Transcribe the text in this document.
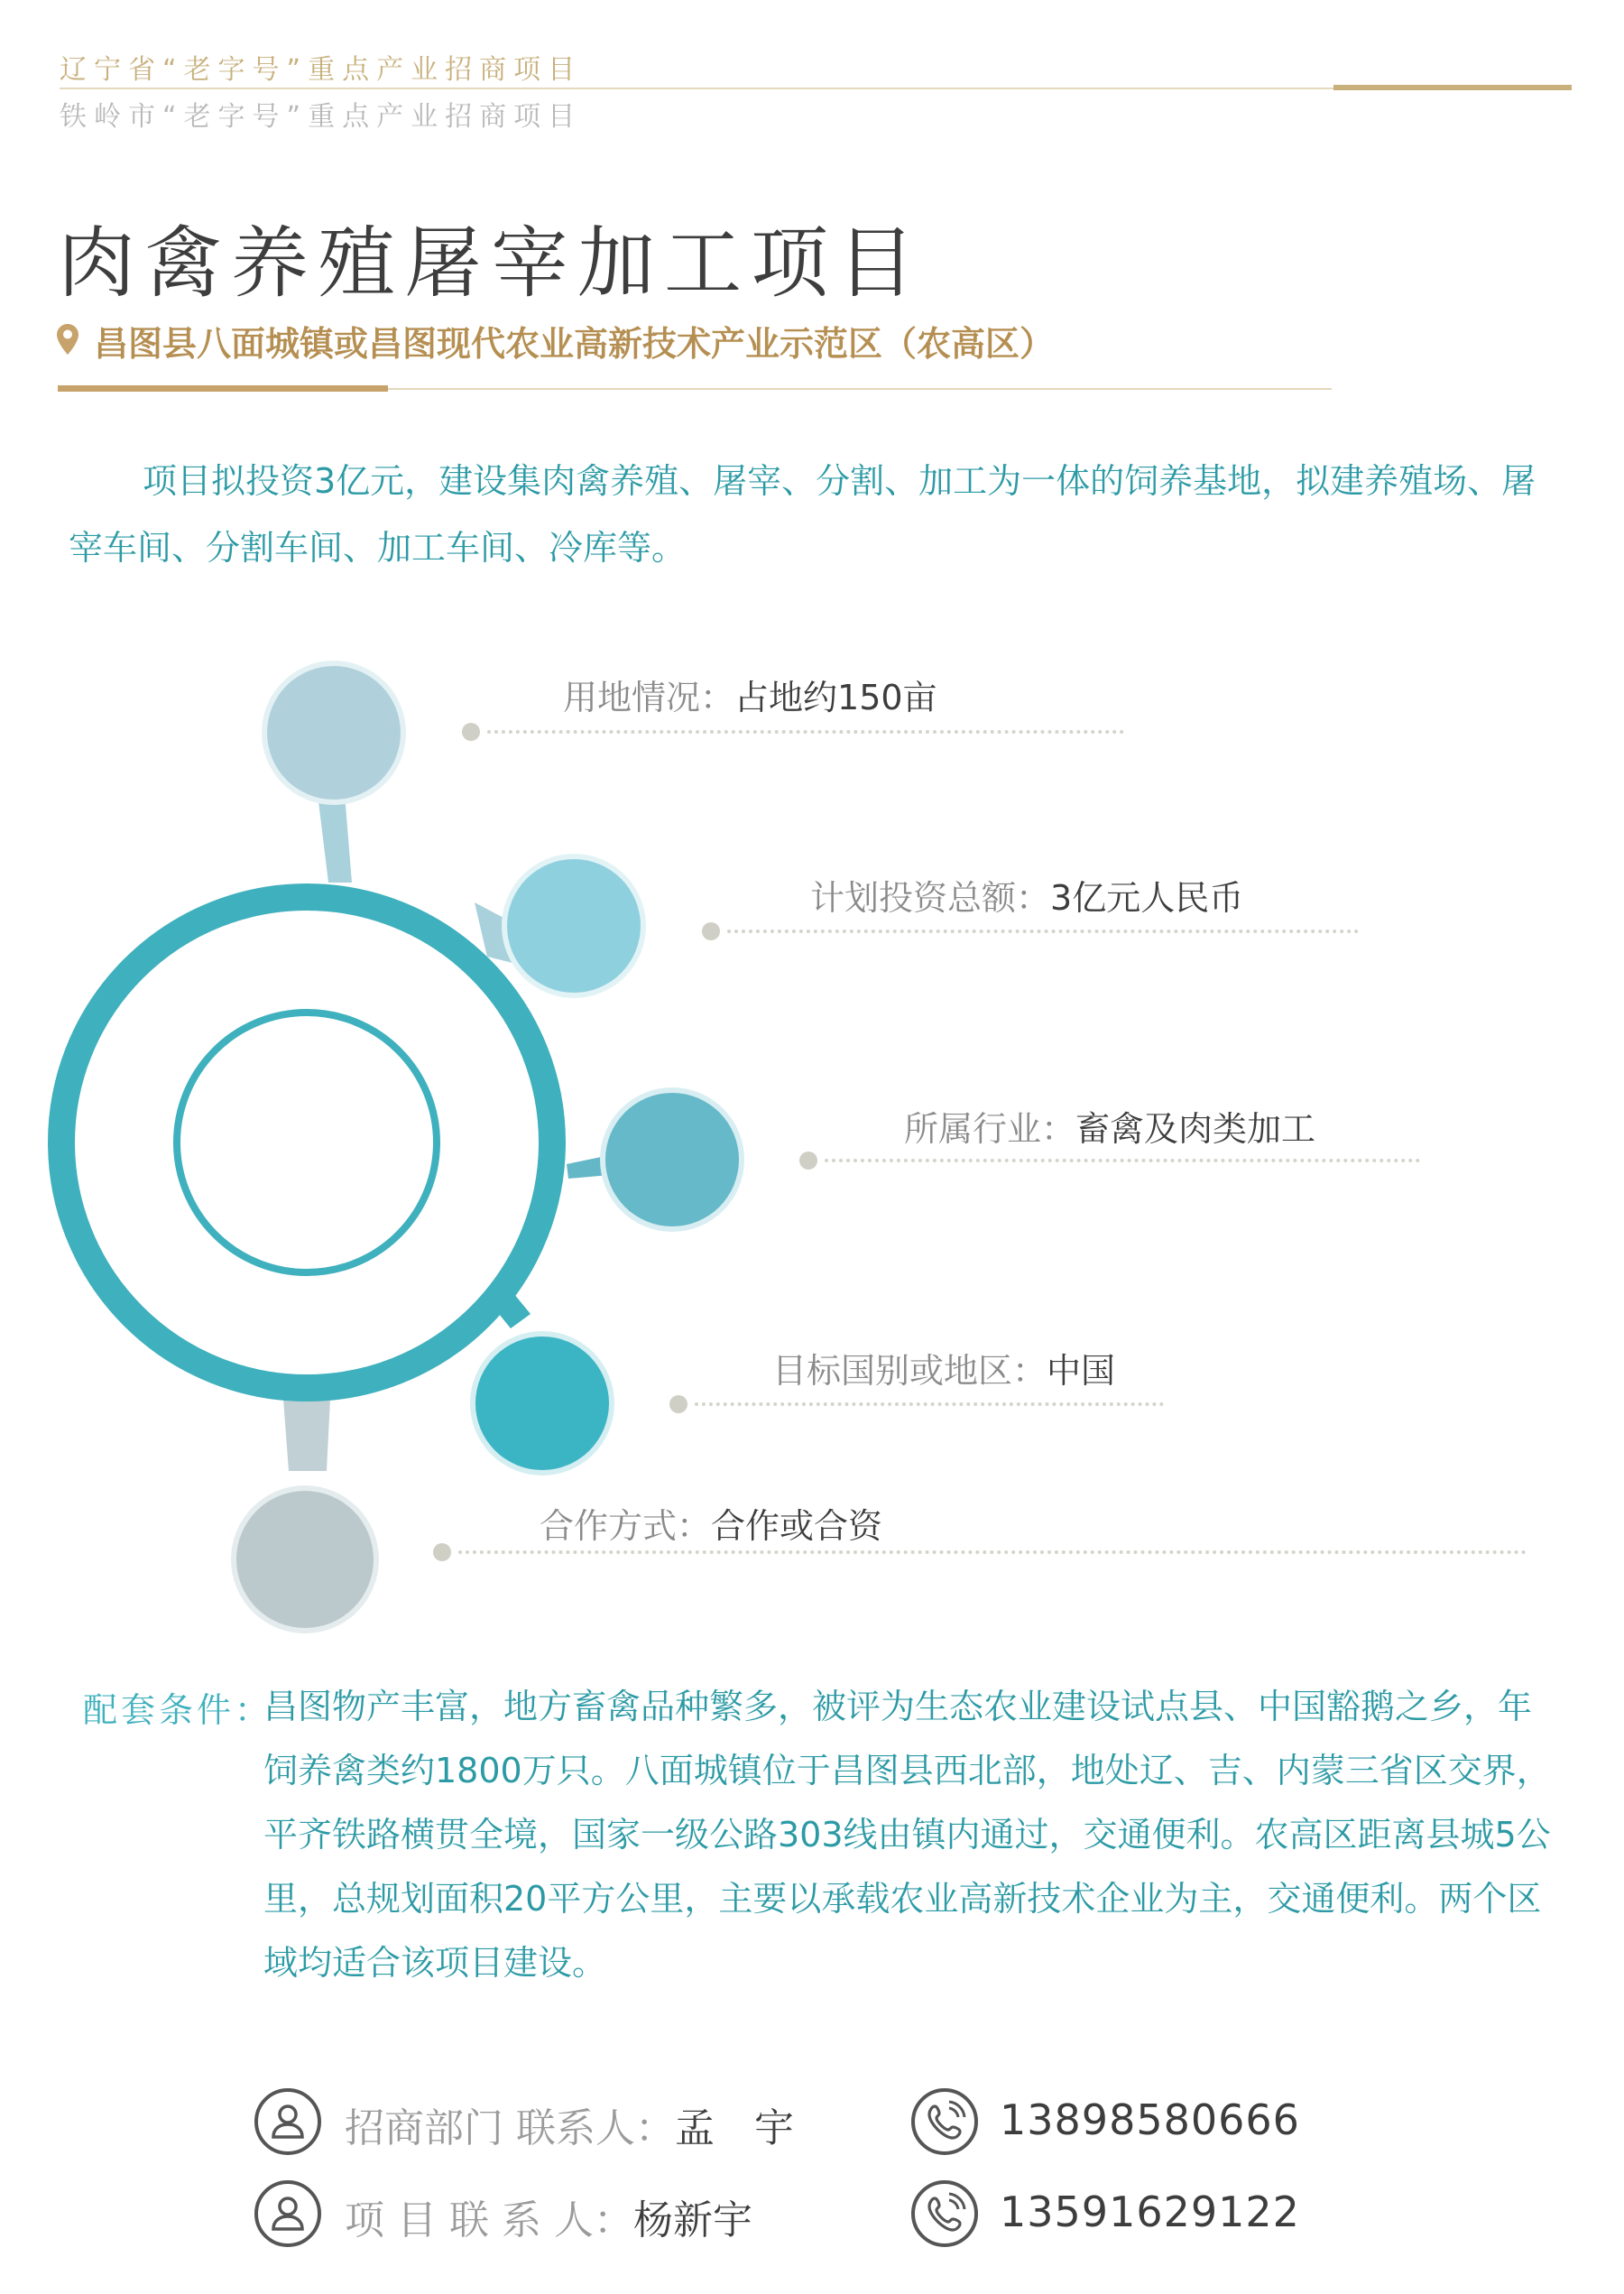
辽宁省“老字号”重点产业招商项目
铁岭市“老字号”重点产业招商项目
肉禽养殖屠宰加工项目
昌图县八面城镇或昌图现代农业高新技术产业示范区（农高区）
项目拟投资3亿元，建设集肉禽养殖、屠宰、分割、加工为一体的饲养基地，拟建养殖场、屠宰车间、分割车间、加工车间、冷库等。
用地情况：占地约150亩
计划投资总额：3亿元人民币
所属行业：畜禽及肉类加工
目标国别或地区：中国
合作方式：合作或合资
配套条件：
昌图物产丰富，地方畜禽品种繁多，被评为生态农业建设试点县、中国豁鹅之乡，年饲养禽类约1800万只。八面城镇位于昌图县西北部，地处辽、吉、内蒙三省区交界，平齐铁路横贯全境，国家一级公路303线由镇内通过，交通便利。农高区距离县城5公里，总规划面积20平方公里，主要以承载农业高新技术企业为主，交通便利。两个区域均适合该项目建设。
招商部门 联系人：孟　宇	13898580666
项 目 联 系 人：杨新宇	13591629122
